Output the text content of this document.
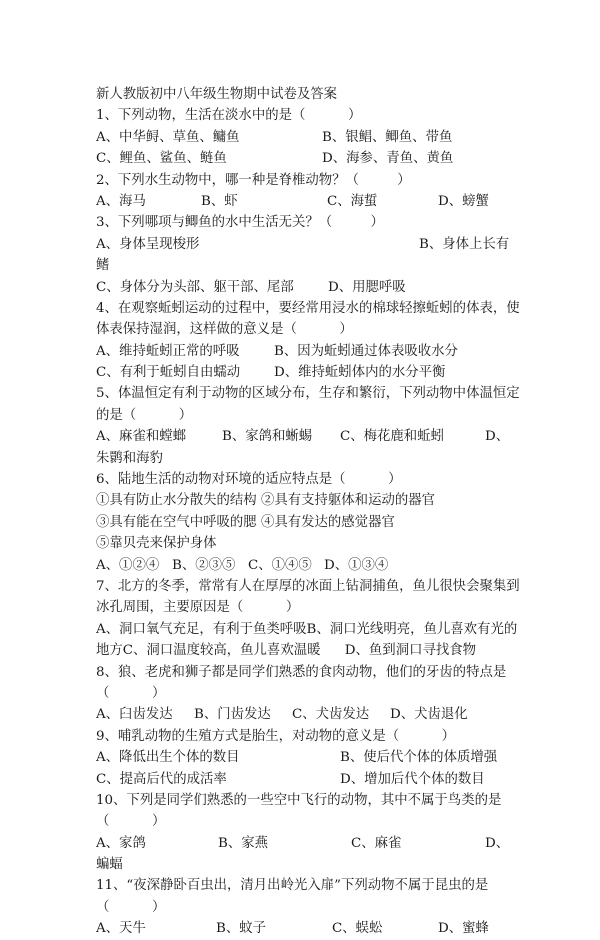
新人教版初中八年级生物期中试卷及答案
1、下列动物，生活在淡水中的是（          ）
A、中华鲟、草鱼、鳙鱼	B、银鲳、鲫鱼、带鱼
C、鲤鱼、鲨鱼、鲢鱼	D、海参、青鱼、黄鱼
2、下列水生动物中，哪一种是脊椎动物？（         ）
A、海马	B、虾	C、海蜇	D、螃蟹
3、下列哪项与鲫鱼的水中生活无关？（         ）
A、身体呈现梭形	B、身体上长有
鳍
C、身体分为头部、躯干部、尾部	D、用腮呼吸
4、在观察蚯蚓运动的过程中，要经常用浸水的棉球轻擦蚯蚓的体表，使
体表保持湿润，这样做的意义是（          ）
A、维持蚯蚓正常的呼吸	B、因为蚯蚓通过体表吸收水分
C、有利于蚯蚓自由蠕动	D、维持蚯蚓体内的水分平衡
5、体温恒定有利于动物的区域分布，生存和繁衍，下列动物中体温恒定
的是（          ）
A、麻雀和螳螂	B、家鸽和蜥蜴	C、梅花鹿和蚯蚓	D、
朱鹮和海豹
6、陆地生活的动物对环境的适应特点是（          ）
①具有防止水分散失的结构 ②具有支持躯体和运动的器官
③具有能在空气中呼吸的腮 ④具有发达的感觉器官
⑤靠贝壳来保护身体
A、①②④ B、②③⑤ C、①④⑤ D、①③④
7、北方的冬季，常常有人在厚厚的冰面上钻洞捕鱼，鱼儿很快会聚集到
冰孔周围，主要原因是（          ）
A、洞口氧气充足，有利于鱼类呼吸 B、洞口光线明亮，鱼儿喜欢有光的
地方 C、洞口温度较高，鱼儿喜欢温暖	D、鱼到洞口寻找食物
8、狼、老虎和狮子都是同学们熟悉的食肉动物，他们的牙齿的特点是
（          ）
A、臼齿发达	B、门齿发达	C、犬齿发达	D、犬齿退化
9、哺乳动物的生殖方式是胎生，对动物的意义是（          ）
A、降低出生个体的数目	B、使后代个体的体质增强
C、提高后代的成活率	D、增加后代个体的数目
10、下列是同学们熟悉的一些空中飞行的动物，其中不属于鸟类的是
（          ）
A、家鸽	B、家燕	C、麻雀	D、
蝙蝠
11、“夜深静卧百虫出，清月出岭光入扉”下列动物不属于昆虫的是
（          ）
A、天牛	B、蚊子	C、蜈蚣	D、蜜蜂
